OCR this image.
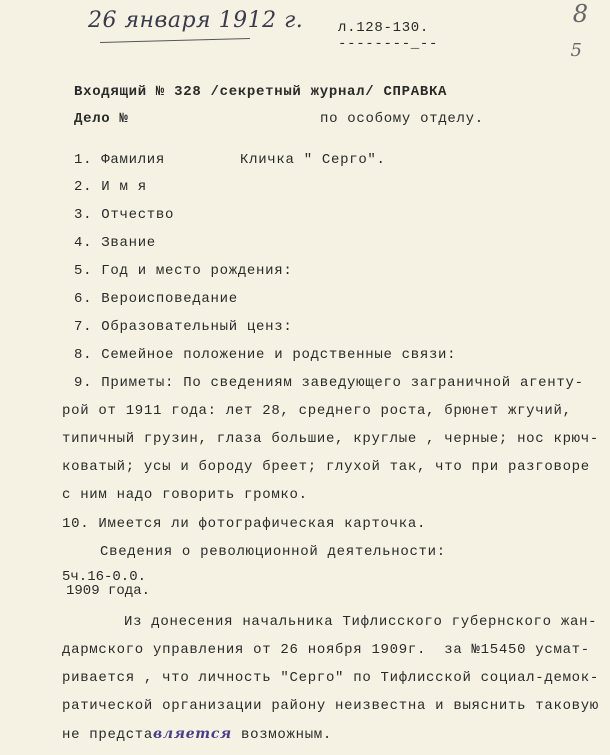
26 января 1912 г. л.128-130.
--------_--
8
5
Входящий № 328 /секретный журнал/ СПРАВКА
Дело №	по особому отделу.
1. Фамилия	Кличка " Серго".
2. И м я
3. Отчество
4. Звание
5. Год и место рождения:
6. Вероисповедание
7. Образовательный ценз:
8. Семейное положение и родственные связи:
9. Приметы: По сведениям заведующего заграничной агенту-
рой от 1911 года: лет 28, среднего роста, брюнет жгучий,
типичный грузин, глаза большие, круглые , черные; нос крюч-
коватый; усы и бороду бреет; глухой так, что при разговоре
с ним надо говорить громко.
10. Имеется ли фотографическая карточка.
Сведения о революционной деятельности:
5ч.16-0.0.
1909 года.
Из донесения начальника Тифлисского губернского жан-
дармского управления от 26 ноября 1909г.  за №15450 усмат-
ривается , что личность "Серго" по Тифлисской социал-демок-
ратической организации району неизвестна и выяснить таковую
не представляется возможным.
